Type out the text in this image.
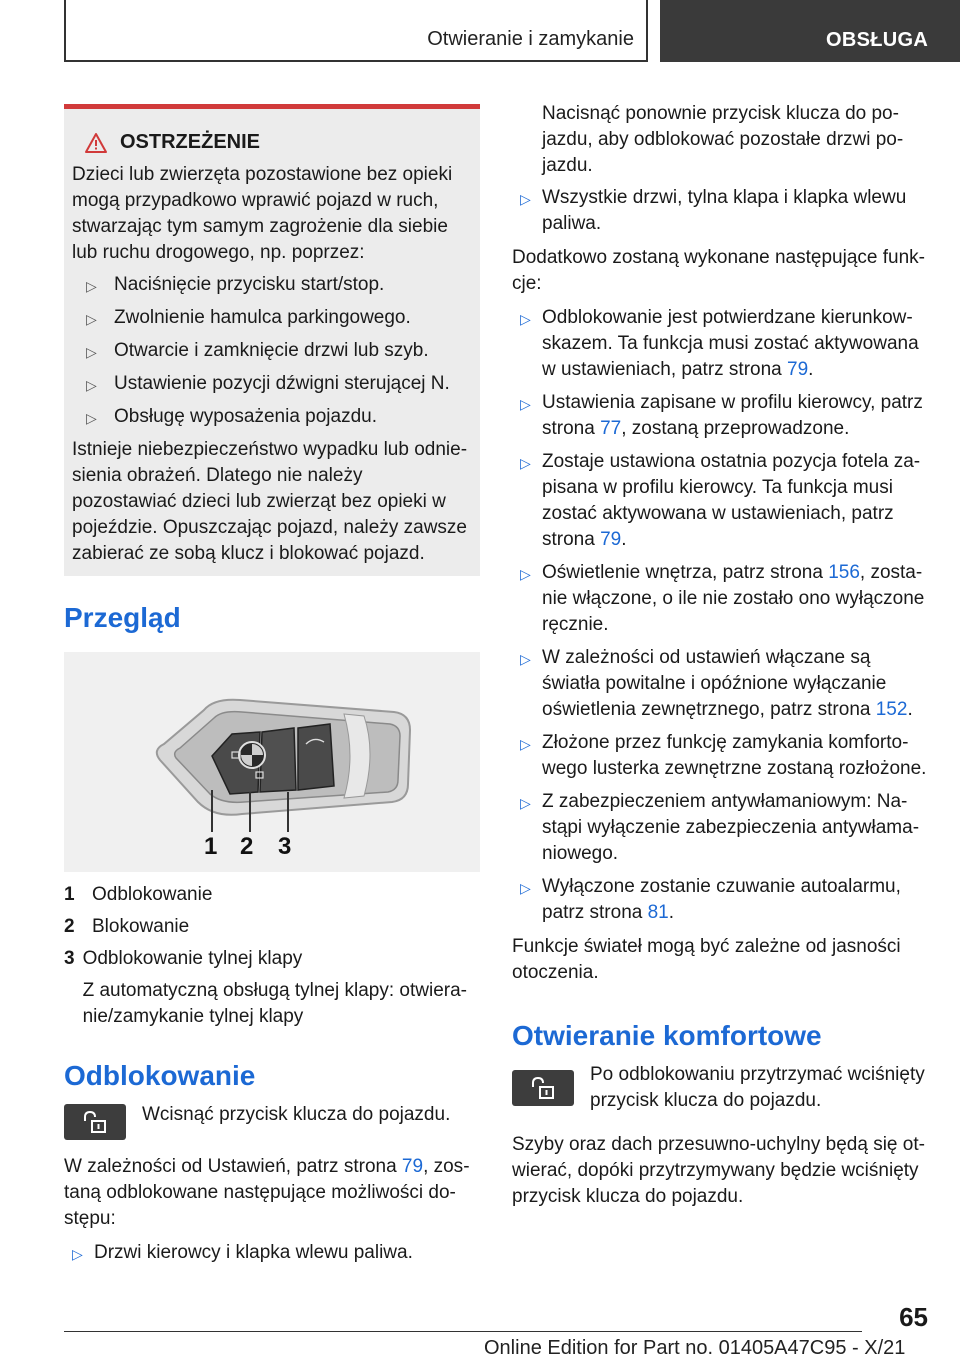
Otwieranie i zamykanie	OBSŁUGA
OSTRZEŻENIE

Dzieci lub zwierzęta pozostawione bez opieki mogą przypadkowo wprawić pojazd w ruch, stwarzając tym samym zagrożenie dla siebie lub ruchu drogowego, np. poprzez:

▷ Naciśnięcie przycisku start/stop.
▷ Zwolnienie hamulca parkingowego.
▷ Otwarcie i zamknięcie drzwi lub szyb.
▷ Ustawienie pozycji dźwigni sterującej N.
▷ Obsługę wyposażenia pojazdu.

Istnieje niebezpieczeństwo wypadku lub odniesienia obrażeń. Dlatego nie należy pozostawiać dzieci lub zwierząt bez opieki w pojeździe. Opuszczając pojazd, należy zawsze zabierać ze sobą klucz i blokować pojazd.

Przegląd
1 2 3
1 Odblokowanie
2 Blokowanie
3 Odblokowanie tylnej klapy
Z automatyczną obsługą tylnej klapy: otwieranie/zamykanie tylnej klapy
Odblokowanie

Wcisnąć przycisk klucza do pojazdu.

W zależności od Ustawień, patrz strona 79, zostaną odblokowane następujące możliwości dostępu:

▷ Drzwi kierowcy i klapka wlewu paliwa.

Nacisnąć ponownie przycisk klucza do pojazdu, aby odblokować pozostałe drzwi pojazdu.

▷ Wszystkie drzwi, tylna klapa i klapka wlewu paliwa.

Dodatkowo zostaną wykonane następujące funkcje:

▷ Odblokowanie jest potwierdzane kierunkowskazem. Ta funkcja musi zostać aktywowana w ustawieniach, patrz strona 79.
▷ Ustawienia zapisane w profilu kierowcy, patrz strona 77, zostaną przeprowadzone.
▷ Zostaje ustawiona ostatnia pozycja fotela zapisana w profilu kierowcy. Ta funkcja musi zostać aktywowana w ustawieniach, patrz strona 79.
▷ Oświetlenie wnętrza, patrz strona 156, zostanie włączone, o ile nie zostało ono wyłączone ręcznie.
▷ W zależności od ustawień włączane są światła powitalne i opóźnione wyłączanie oświetlenia zewnętrznego, patrz strona 152.
▷ Złożone przez funkcję zamykania komfortowego lusterka zewnętrzne zostaną rozłożone.
▷ Z zabezpieczeniem antywłamaniowym: Nastąpi wyłączenie zabezpieczenia antywłamaniowego.
▷ Wyłączone zostanie czuwanie autoalarmu, patrz strona 81.

Funkcje świateł mogą być zależne od jasności otoczenia.

Otwieranie komfortowe

Po odblokowaniu przytrzymać wciśnięty przycisk klucza do pojazdu.

Szyby oraz dach przesuwno-uchylny będą się otwierać, dopóki przytrzymywany będzie wciśnięty przycisk klucza do pojazdu.

65
Online Edition for Part no. 01405A47C95 - X/21
